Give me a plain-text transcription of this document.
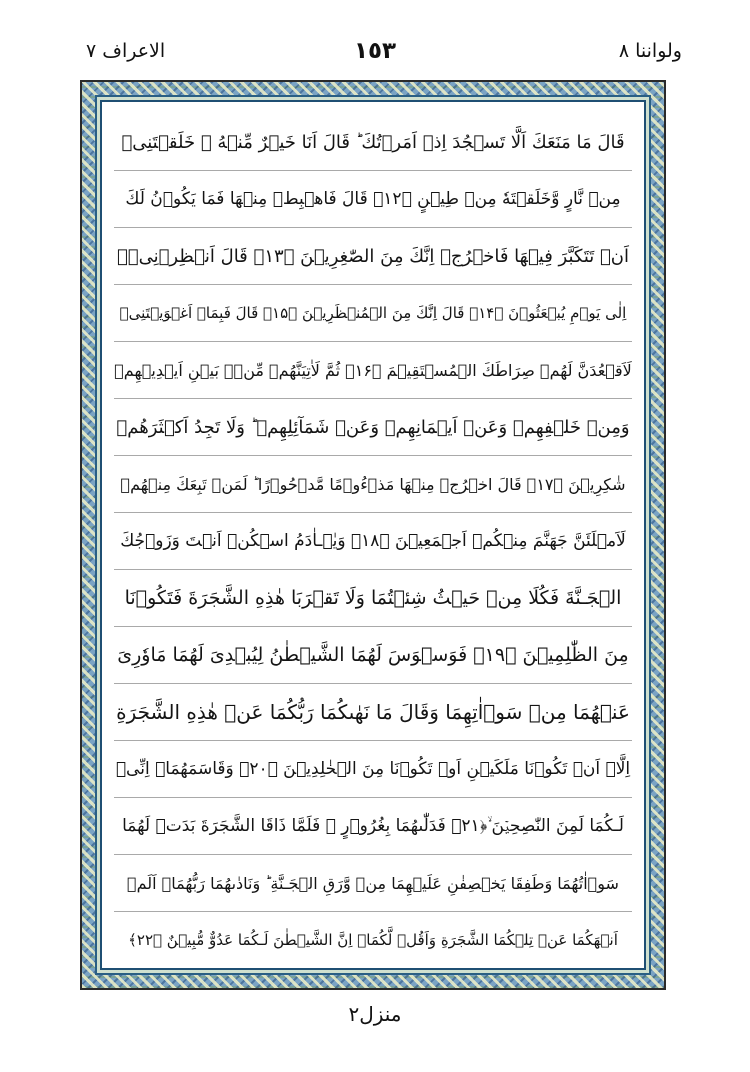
ولواننا ٨
١٥٣
الاعراف ۷
قَالَ مَا مَنَعَكَ اَلَّا تَسۡجُدَ اِذۡ اَمَرۡتُكَ ؕ قَالَ اَنَا خَيۡرٌ مِّنۡهُ ۚ خَلَقۡتَنِىۡ
مِنۡ نَّارٍ وَّخَلَقۡتَهٗ مِنۡ طِيۡنٍ ﴿۱۲﴾ قَالَ فَاهۡبِطۡ مِنۡهَا فَمَا يَكُوۡنُ لَكَ
اَنۡ تَتَكَبَّرَ فِيۡهَا فَاخۡرُجۡ اِنَّكَ مِنَ الصّٰغِرِيۡنَ ﴿۱۳﴾ قَالَ اَنۡظِرۡنِىۡۤ
اِلٰى يَوۡمِ يُبۡعَثُوۡنَ ﴿۱۴﴾ قَالَ اِنَّكَ مِنَ الۡمُنۡظَرِيۡنَ ﴿۱۵﴾ قَالَ فَبِمَاۤ اَغۡوَيۡتَنِىۡ
لَاَقۡعُدَنَّ لَهُمۡ صِرَاطَكَ الۡمُسۡتَقِيۡمَ ﴿۱۶﴾ ثُمَّ لَاٰتِيَنَّهُمۡ مِّنۡۢ بَيۡنِ اَيۡدِيۡهِمۡ
وَمِنۡ خَلۡفِهِمۡ وَعَنۡ اَيۡمَانِهِمۡ وَعَنۡ شَمَآئِلِهِمۡ ؕ وَلَا تَجِدُ اَكۡثَرَهُمۡ
شٰكِرِيۡنَ ﴿۱۷﴾ قَالَ اخۡرُجۡ مِنۡهَا مَذۡءُوۡمًا مَّدۡحُوۡرًا ؕ لَمَنۡ تَبِعَكَ مِنۡهُمۡ
لَاَمۡلَئَنَّ جَهَنَّمَ مِنۡكُمۡ اَجۡمَعِيۡنَ ﴿۱۸﴾ وَيٰۤـاٰدَمُ اسۡكُنۡ اَنۡتَ وَزَوۡجُكَ
الۡجَـنَّةَ فَكُلَا مِنۡ حَيۡثُ شِئۡتُمَا وَلَا تَقۡرَبَا هٰذِهِ الشَّجَرَةَ فَتَكُوۡنَا
مِنَ الظّٰلِمِيۡنَ ﴿۱۹﴾ فَوَسۡوَسَ لَهُمَا الشَّيۡطٰنُ لِيُبۡدِىَ لَهُمَا مَاوٗرِىَ
عَنۡهُمَا مِنۡ سَوۡاٰتِهِمَا وَقَالَ مَا نَهٰٮكُمَا رَبُّكُمَا عَنۡ هٰذِهِ الشَّجَرَةِ
اِلَّاۤ اَنۡ تَكُوۡنَا مَلَكَيۡنِ اَوۡ تَكُوۡنَا مِنَ الۡخٰلِدِيۡنَ ﴿۲۰﴾ وَقَاسَمَهُمَاۤ اِنِّىۡ
لَـكُمَا لَمِنَ النّٰصِحِيۡنَ ۙ﴿۲۱﴾ فَدَلّٰٮهُمَا بِغُرُوۡرٍ ۚ فَلَمَّا ذَاقَا الشَّجَرَةَ بَدَتۡ لَهُمَا
سَوۡاٰتُهُمَا وَطَفِقَا يَخۡصِفٰنِ عَلَيۡهِمَا مِنۡ وَّرَقِ الۡجَـنَّةِ ؕ وَنَادٰٮهُمَا رَبُّهُمَاۤ اَلَمۡ
اَنۡهَكُمَا عَنۡ تِلۡكُمَا الشَّجَرَةِ وَاَقُلۡ لَّكُمَاۤ اِنَّ الشَّيۡطٰنَ لَـكُمَا عَدُوٌّ مُّبِيۡنٌ ﴿۲۲﴾
منزل٢
